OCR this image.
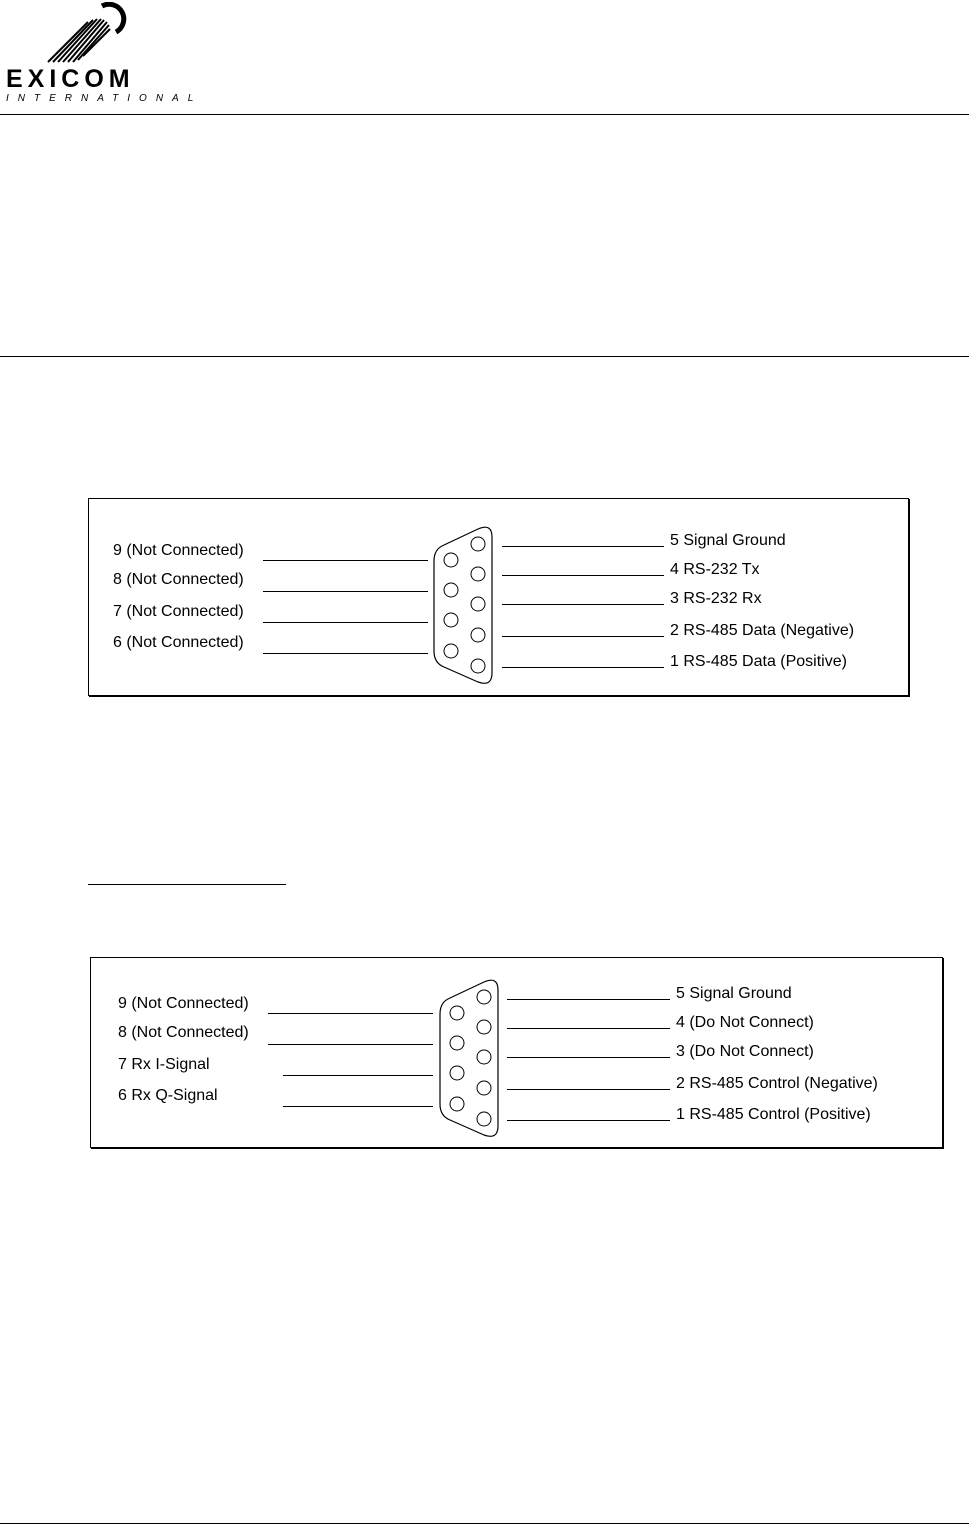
EXICOM
INTERNATIONAL
9 (Not Connected)
8 (Not Connected)
7 (Not Connected)
6 (Not Connected)
5 Signal Ground
4 RS-232 Tx
3 RS-232 Rx
2 RS-485 Data (Negative)
1 RS-485 Data (Positive)
9 (Not Connected)
8 (Not Connected)
7 Rx I-Signal
6 Rx Q-Signal
5 Signal Ground
4 (Do Not Connect)
3 (Do Not Connect)
2 RS-485 Control (Negative)
1 RS-485 Control (Positive)
